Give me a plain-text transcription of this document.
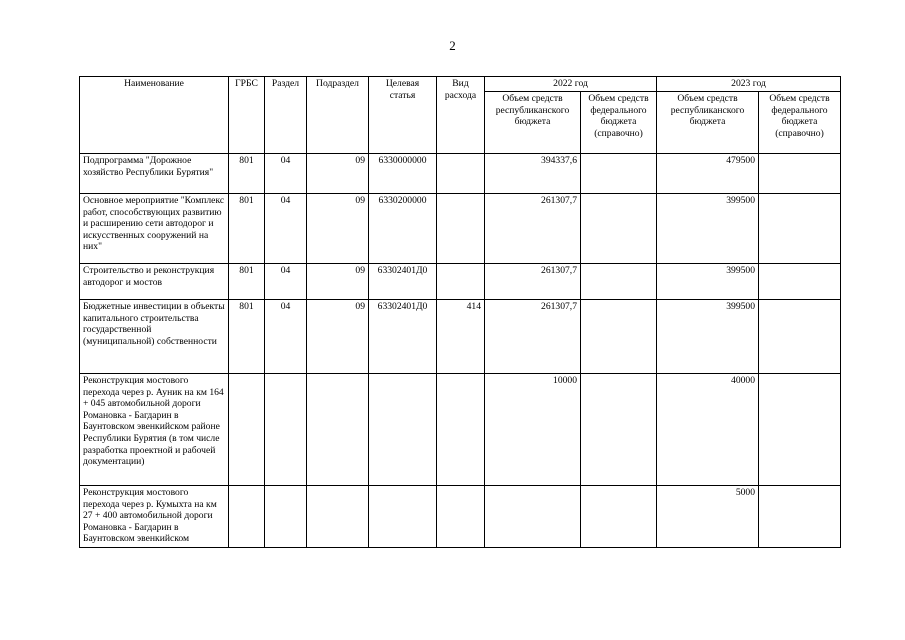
2
Наименование	ГРБС	Раздел	Подраздел	Целевая статья	Вид расхода	2022 год		2023 год	
						Объем средств республиканского бюджета	Объем средств федерального бюджета (справочно)	Объем средств республиканского бюджета	Объем средств федерального бюджета (справочно)
Подпрограмма "Дорожное хозяйство Республики Бурятия"	801	04	09	6330000000		394337,6		479500	
Основное мероприятие "Комплекс работ, способствующих развитию и расширению сети автодорог и искусственных сооружений на них"	801	04	09	6330200000		261307,7		399500	
Строительство и реконструкция автодорог и мостов	801	04	09	63302401Д0		261307,7		399500	
Бюджетные инвестиции в объекты капитального строительства государственной (муниципальной) собственности	801	04	09	63302401Д0	414	261307,7		399500	
Реконструкция мостового перехода через р. Ауник на км 164 + 045 автомобильной дороги Романовка - Багдарин в Баунтовском эвенкийском районе Республики Бурятия (в том числе разработка проектной и рабочей документации)						10000		40000	
Реконструкция мостового перехода через р. Кумыхта на км 27 + 400 автомобильной дороги Романовка - Багдарин в Баунтовском эвенкийском								5000	
